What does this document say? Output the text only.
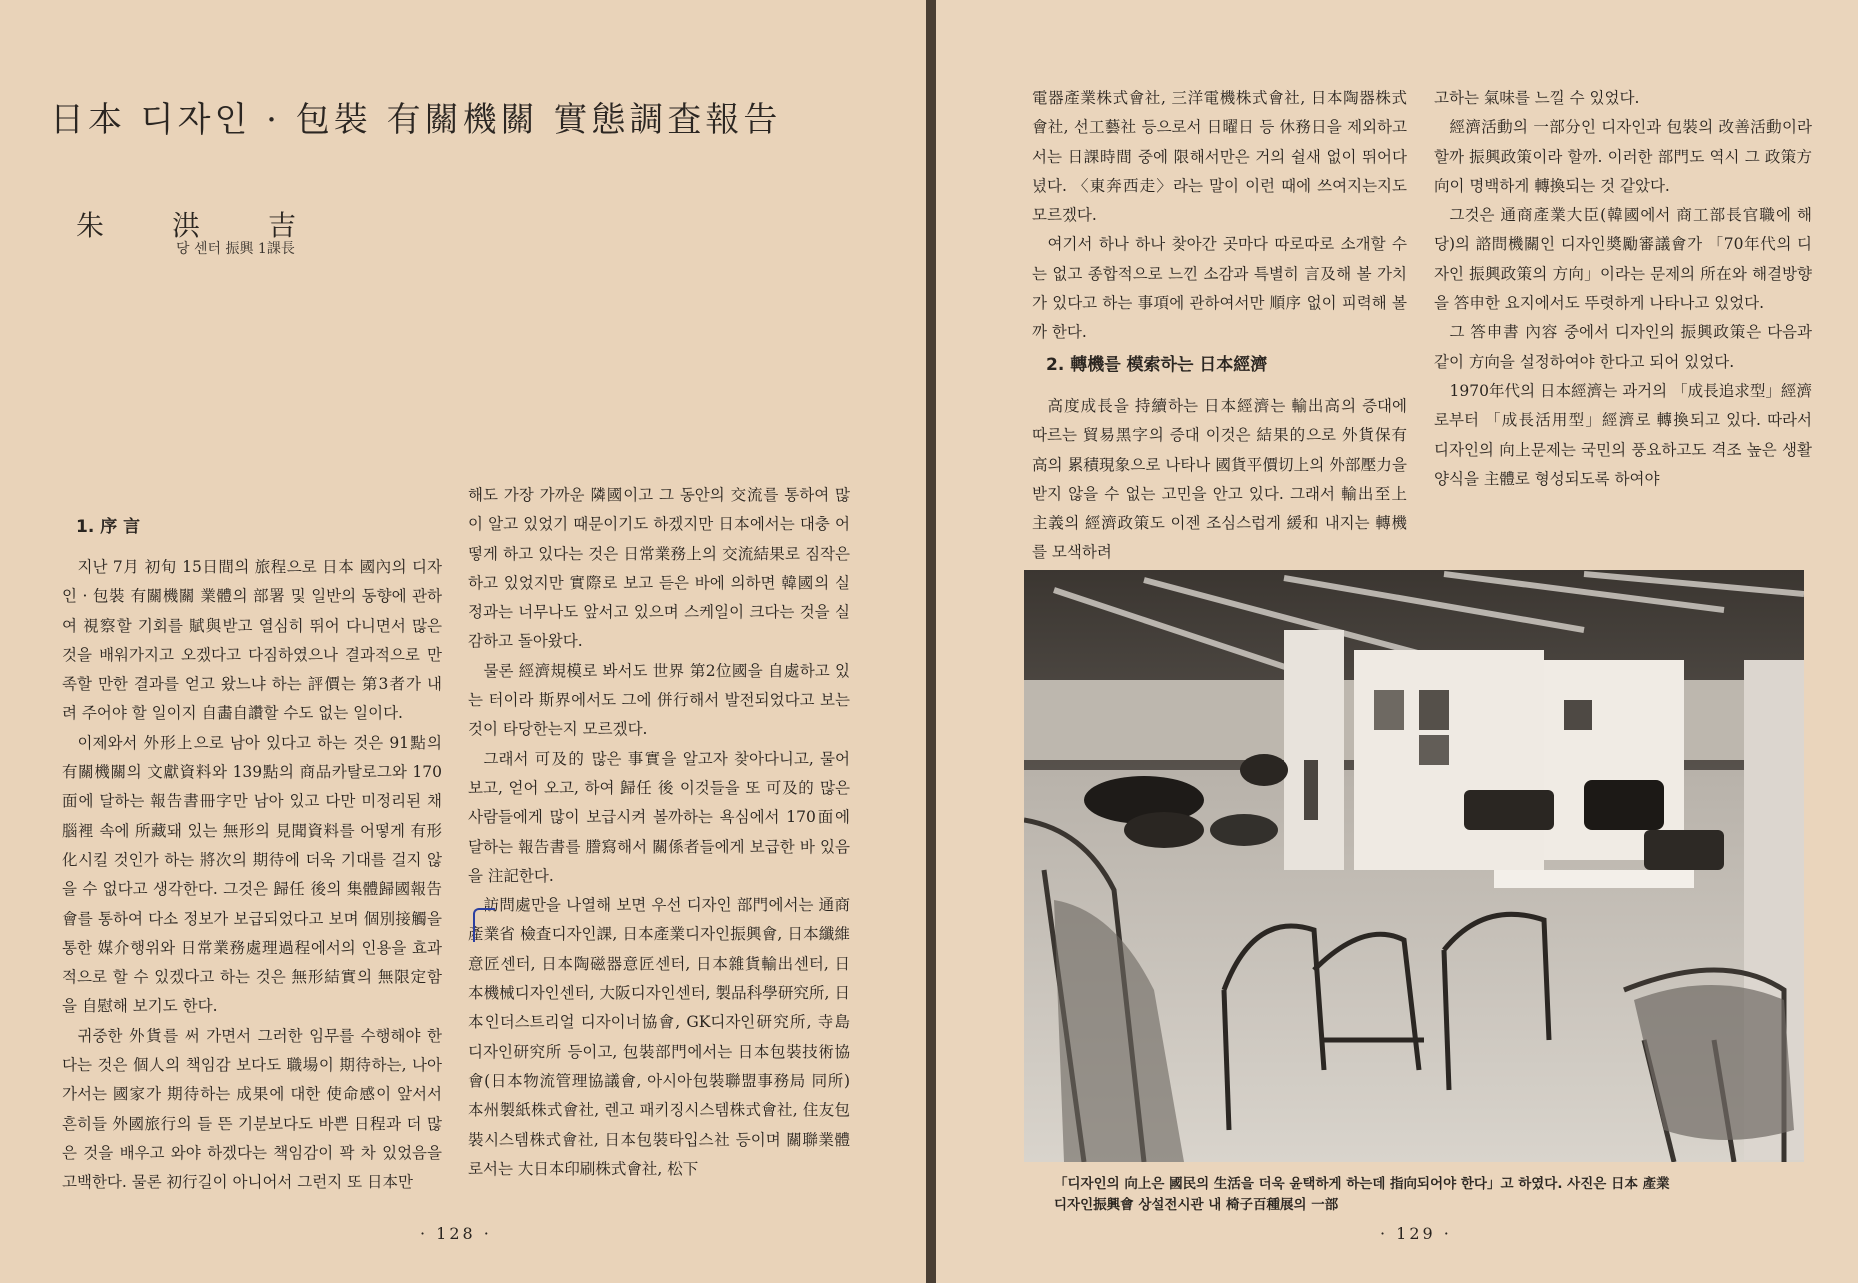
日本 디자인 · 包裝 有關機關 實態調査報告
朱 洪 吉
당 센터 振興 1課長
1. 序 言

지난 7月 初旬 15日間의 旅程으로 日本 國內의 디자인 · 包裝 有關機關 業體의 部署 및 일반의 동향에 관하여 視察할 기회를 賦與받고 열심히 뛰어 다니면서 많은 것을 배워가지고 오겠다고 다짐하였으나 결과적으로 만족할 만한 결과를 얻고 왔느냐 하는 評價는 第3者가 내려 주어야 할 일이지 自畵自讚할 수도 없는 일이다.

이제와서 外形上으로 남아 있다고 하는 것은 91點의 有關機關의 文獻資料와 139點의 商品카탈로그와 170面에 달하는 報告書冊字만 남아 있고 다만 미정리된 채 腦裡 속에 所藏돼 있는 無形의 見聞資料를 어떻게 有形化시킬 것인가 하는 將次의 期待에 더욱 기대를 걸지 않을 수 없다고 생각한다. 그것은 歸任 後의 集體歸國報告會를 통하여 다소 정보가 보급되었다고 보며 個別接觸을 통한 媒介행위와 日常業務處理過程에서의 인용을 효과적으로 할 수 있겠다고 하는 것은 無形結實의 無限定함을 自慰해 보기도 한다.

귀중한 外貨를 써 가면서 그러한 임무를 수행해야 한다는 것은 個人의 책임감 보다도 職場이 期待하는, 나아가서는 國家가 期待하는 成果에 대한 使命感이 앞서서 흔히들 外國旅行의 들 뜬 기분보다도 바쁜 日程과 더 많은 것을 배우고 와야 하겠다는 책임감이 꽉 차 있었음을 고백한다. 물론 初行길이 아니어서 그런지 또 日本만

해도 가장 가까운 隣國이고 그 동안의 交流를 통하여 많이 알고 있었기 때문이기도 하겠지만 日本에서는 대충 어떻게 하고 있다는 것은 日常業務上의 交流結果로 짐작은 하고 있었지만 實際로 보고 듣은 바에 의하면 韓國의 실정과는 너무나도 앞서고 있으며 스케일이 크다는 것을 실감하고 돌아왔다.

물론 經濟規模로 봐서도 世界 第2位國을 自處하고 있는 터이라 斯界에서도 그에 併行해서 발전되었다고 보는 것이 타당한는지 모르겠다.

그래서 可及的 많은 事實을 알고자 찾아다니고, 물어 보고, 얻어 오고, 하여 歸任 後 이것들을 또 可及的 많은 사람들에게 많이 보급시켜 볼까하는 욕심에서 170面에 달하는 報告書를 謄寫해서 關係者들에게 보급한 바 있음을 注記한다.

訪問處만을 나열해 보면 우선 디자인 部門에서는 通商產業省 檢査디자인課, 日本產業디자인振興會, 日本纖維意匠센터, 日本陶磁器意匠센터, 日本雜貨輸出센터, 日本機械디자인센터, 大阪디자인센터, 製品科學研究所, 日本인더스트리얼 디자이너協會, GK디자인研究所, 寺島디자인研究所 등이고, 包裝部門에서는 日本包裝技術協會(日本物流管理協議會, 아시아包裝聯盟事務局 同所) 本州製紙株式會社, 렌고 패키징시스템株式會社, 住友包裝시스템株式會社, 日本包裝타입스社 등이며 關聯業體로서는 大日本印刷株式會社, 松下

· 128 ·

電器產業株式會社, 三洋電機株式會社, 日本陶器株式會社, 선工藝社 등으로서 日曜日 등 休務日을 제외하고서는 日課時間 중에 限해서만은 거의 쉴새 없이 뛰어다녔다. 〈東奔西走〉라는 말이 이런 때에 쓰여지는지도 모르겠다.

여기서 하나 하나 찾아간 곳마다 따로따로 소개할 수는 없고 종합적으로 느낀 소감과 특별히 言及해 볼 가치가 있다고 하는 事項에 관하여서만 順序 없이 피력해 볼까 한다.

2. 轉機를 模索하는 日本經濟

高度成長을 持續하는 日本經濟는 輸出高의 증대에 따르는 貿易黑字의 증대 이것은 結果的으로 外貨保有高의 累積現象으로 나타나 國貨平價切上의 外部壓力을 받지 않을 수 없는 고민을 안고 있다. 그래서 輸出至上主義의 經濟政策도 이젠 조심스럽게 緩和 내지는 轉機를 모색하려

고하는 氣味를 느낄 수 있었다.

經濟活動의 一部分인 디자인과 包裝의 改善活動이라 할까 振興政策이라 할까. 이러한 部門도 역시 그 政策方向이 명백하게 轉換되는 것 같았다.

그것은 通商產業大臣(韓國에서 商工部長官職에 해당)의 諮問機關인 디자인奬勵審議會가 「70年代의 디자인 振興政策의 方向」이라는 문제의 所在와 해결방향을 答申한 요지에서도 뚜렷하게 나타나고 있었다.

그 答申書 內容 중에서 디자인의 振興政策은 다음과 같이 方向을 설정하여야 한다고 되어 있었다.

1970年代의 日本經濟는 과거의 「成長追求型」經濟로부터 「成長活用型」經濟로 轉換되고 있다. 따라서 디자인의 向上문제는 국민의 풍요하고도 격조 높은 생활양식을 主體로 형성되도록 하여야

「디자인의 向上은 國民의 生活을 더욱 윤택하게 하는데 指向되어야 한다」고 하였다. 사진은 日本 產業
디자인振興會 상설전시관 내 椅子百種展의 一部
· 129 ·
